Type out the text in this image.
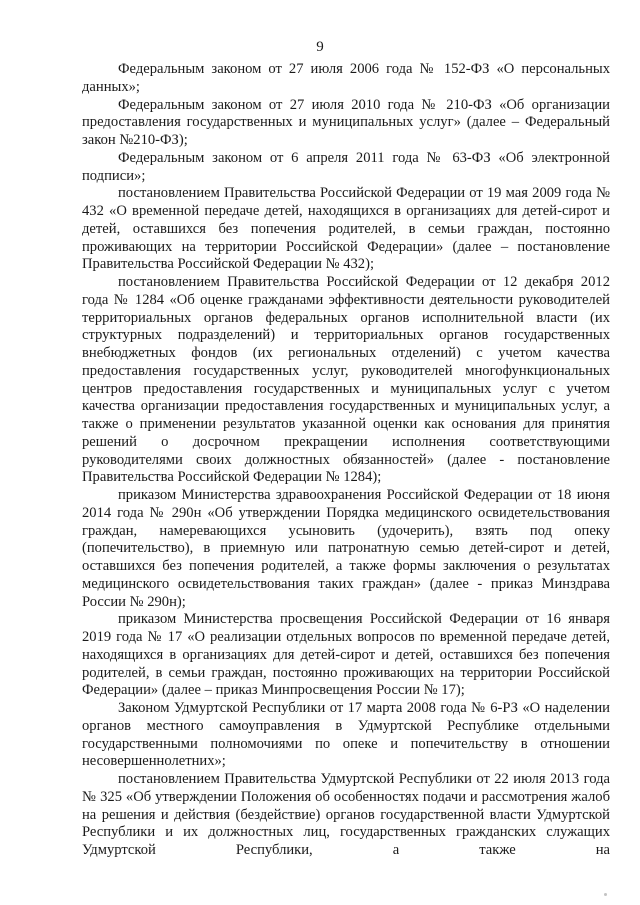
9

Федеральным законом от 27 июля 2006 года № 152-ФЗ «О персональных данных»;

Федеральным законом от 27 июля 2010 года № 210-ФЗ «Об организации предоставления государственных и муниципальных услуг» (далее – Федеральный закон №210-ФЗ);

Федеральным законом от 6 апреля 2011 года № 63-ФЗ «Об электронной подписи»;

постановлением Правительства Российской Федерации от 19 мая 2009 года № 432 «О временной передаче детей, находящихся в организациях для детей-сирот и детей, оставшихся без попечения родителей, в семьи граждан, постоянно проживающих на территории Российской Федерации» (далее – постановление Правительства Российской Федерации № 432);

постановлением Правительства Российской Федерации от 12 декабря 2012 года № 1284 «Об оценке гражданами эффективности деятельности руководителей территориальных органов федеральных органов исполнительной власти (их структурных подразделений) и территориальных органов государственных внебюджетных фондов (их региональных отделений) с учетом качества предоставления государственных услуг, руководителей многофункциональных центров предоставления государственных и муниципальных услуг с учетом качества организации предоставления государственных и муниципальных услуг, а также о применении результатов указанной оценки как основания для принятия решений о досрочном прекращении исполнения соответствующими руководителями своих должностных обязанностей» (далее - постановление Правительства Российской Федерации № 1284);

приказом Министерства здравоохранения Российской Федерации от 18 июня 2014 года № 290н «Об утверждении Порядка медицинского освидетельствования граждан, намеревающихся усыновить (удочерить), взять под опеку (попечительство), в приемную или патронатную семью детей-сирот и детей, оставшихся без попечения родителей, а также формы заключения о результатах медицинского освидетельствования таких граждан» (далее - приказ Минздрава России № 290н);

приказом Министерства просвещения Российской Федерации от 16 января 2019 года № 17 «О реализации отдельных вопросов по временной передаче детей, находящихся в организациях для детей-сирот и детей, оставшихся без попечения родителей, в семьи граждан, постоянно проживающих на территории Российской Федерации» (далее – приказ Минпросвещения России № 17);

Законом Удмуртской Республики от 17 марта 2008 года № 6-РЗ «О наделении органов местного самоуправления в Удмуртской Республике отдельными государственными полномочиями по опеке и попечительству в отношении несовершеннолетних»;

постановлением Правительства Удмуртской Республики от 22 июля 2013 года № 325 «Об утверждении Положения об особенностях подачи и рассмотрения жалоб на решения и действия (бездействие) органов государственной власти Удмуртской Республики и их должностных лиц, государственных гражданских служащих Удмуртской Республики, а также на
